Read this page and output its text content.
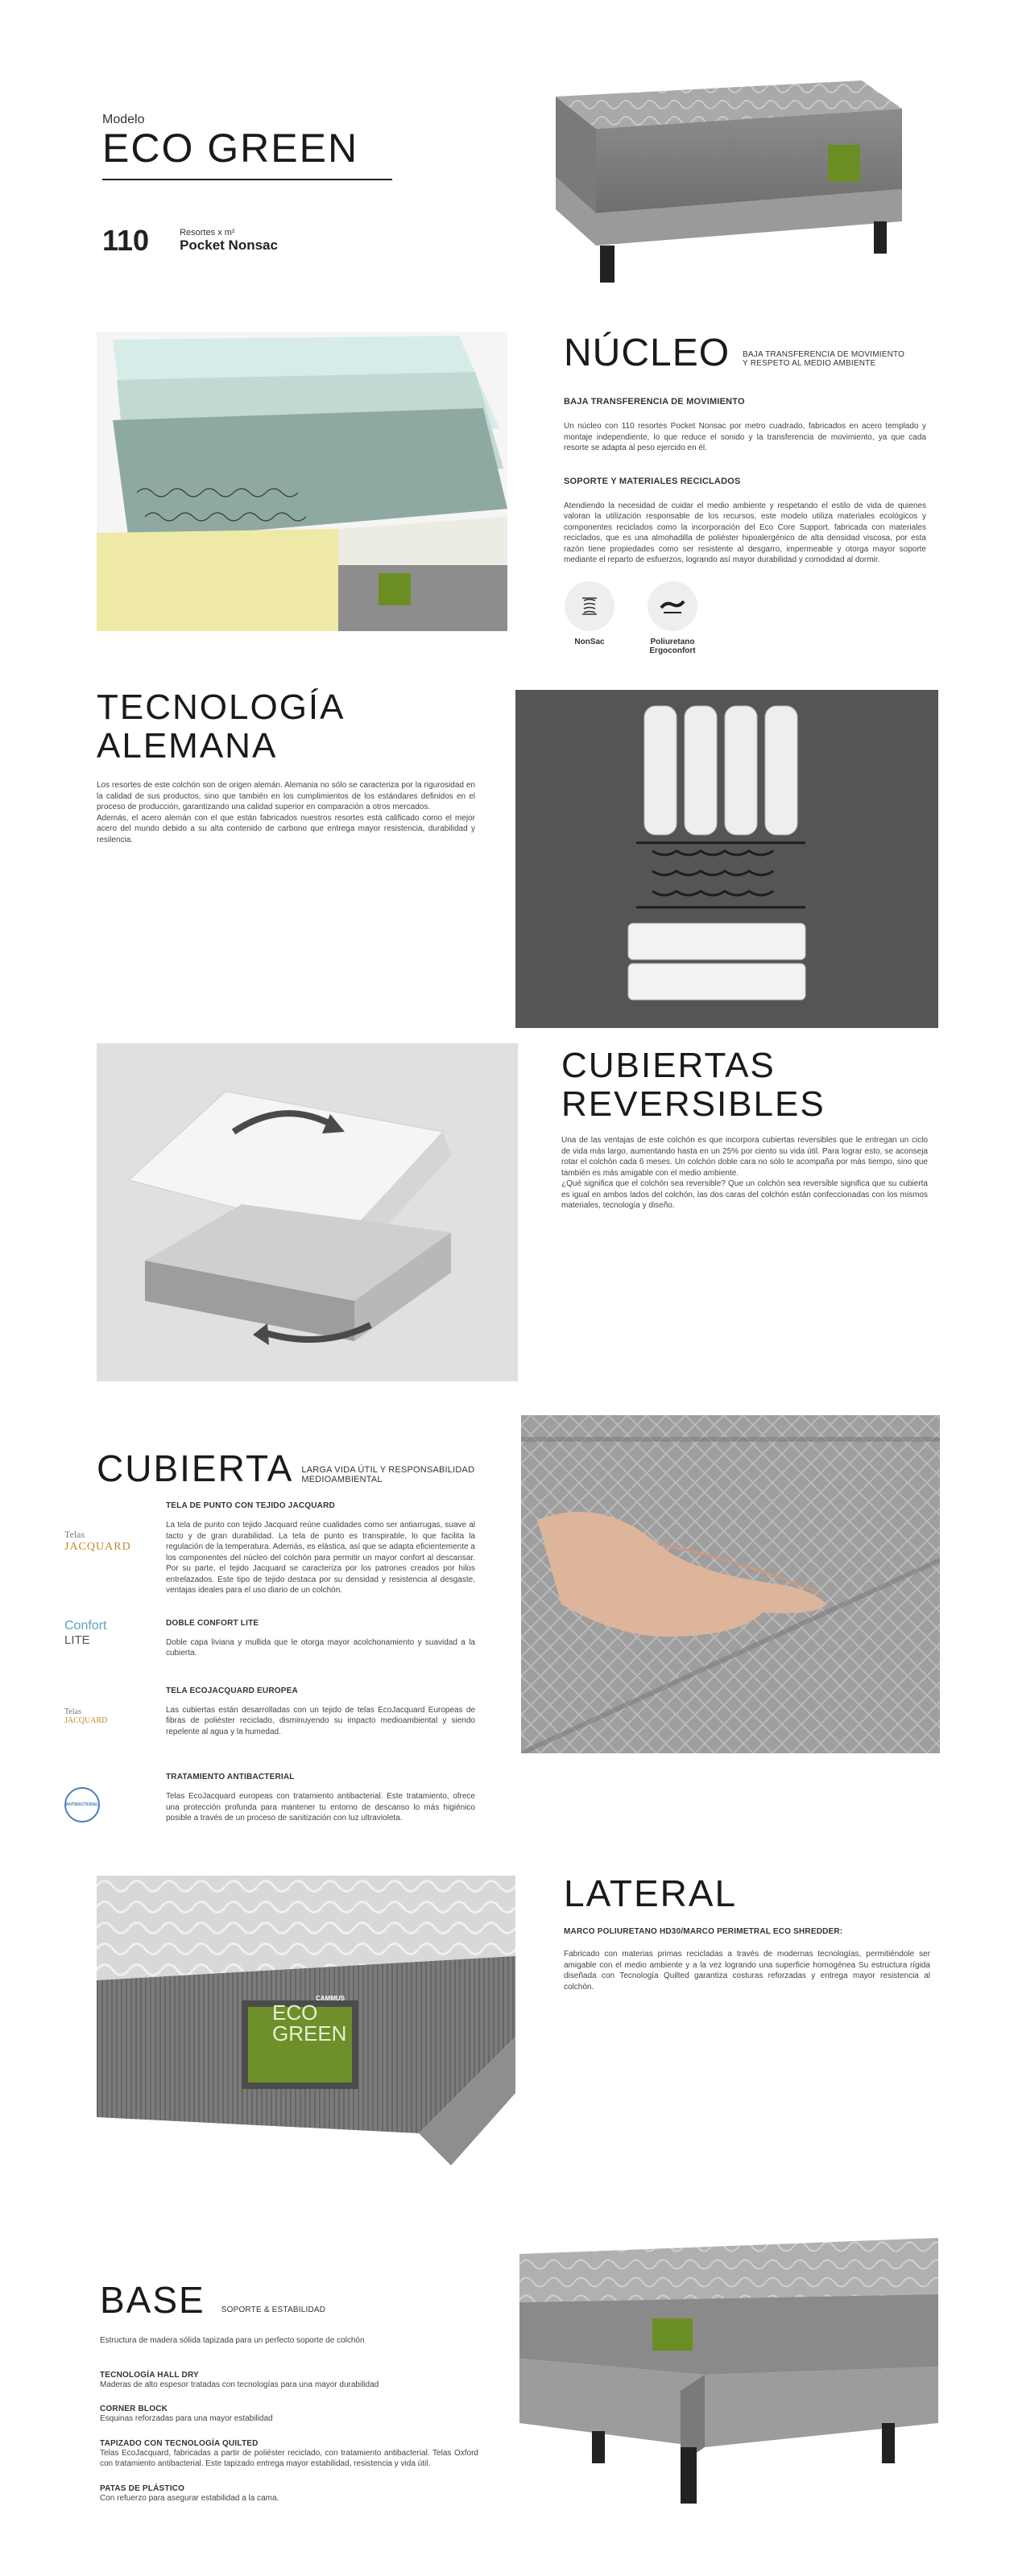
Modelo
ECO GREEN
110	Resortes x m²
Pocket Nonsac
NÚCLEO BAJA TRANSFERENCIA DE MOVIMIENTO
Y RESPETO AL MEDIO AMBIENTE
BAJA TRANSFERENCIA DE MOVIMIENTO

Un núcleo con 110 resortes Pocket Nonsac por metro cuadrado, fabricados en acero templado y montaje independiente, lo que reduce el sonido y la transferencia de movimiento, ya que cada resorte se adapta al peso ejercido en él.

SOPORTE Y MATERIALES RECICLADOS

Atendiendo la necesidad de cuidar el medio ambiente y respetando el estilo de vida de quienes valoran la utilización responsable de los recursos, este modelo utiliza materiales ecológicos y componentes reciclados como la incorporación del Eco Core Support, fabricada con materiales reciclados, que es una almohadilla de poliéster hipoalergénico de alta densidad viscosa, por esta razón tiene propiedades como ser resistente al desgarro, impermeable y otorga mayor soporte mediante el reparto de esfuerzos, logrando así mayor durabilidad y comodidad al dormir.

NonSac	Poliuretano
Ergoconfort
TECNOLOGÍA
ALEMANA

Los resortes de este colchón son de origen alemán. Alemania no sólo se caracteriza por la rigurosidad en la calidad de sus productos, sino que también en los cumplimientos de los estándares definidos en el proceso de producción, garantizando una calidad superior en comparación a otros mercados.

Además, el acero alemán con el que están fabricados nuestros resortes está calificado como el mejor acero del mundo debido a su alta contenido de carbono que entrega mayor resistencia, durabilidad y resilencia.

CUBIERTAS
REVERSIBLES

Una de las ventajas de este colchón es que incorpora cubiertas reversibles que le entregan un ciclo de vida más largo, aumentando hasta en un 25% por ciento su vida útil. Para lograr esto, se aconseja rotar el colchón cada 6 meses. Un colchón doble cara no sólo te acompaña por más tiempo, sino que también es más amigable con el medio ambiente.

¿Qué significa que el colchón sea reversible? Que un colchón sea reversible significa que su cubierta es igual en ambos lados del colchón, las dos caras del colchón están confeccionadas con los mismos materiales, tecnología y diseño.

CUBIERTA LARGA VIDA ÚTIL Y RESPONSABILIDAD
MEDIOAMBIENTAL
Telas
JACQUARD
TELA DE PUNTO CON TEJIDO JACQUARD

La tela de punto con tejido Jacquard reúne cualidades como ser antiarrugas, suave al tacto y de gran durabilidad. La tela de punto es transpirable, lo que facilita la regulación de la temperatura. Además, es elástica, así que se adapta eficientemente a los componentes del núcleo del colchón para permitir un mayor confort al descansar. Por su parte, el tejido Jacquard se caracteriza por los patrones creados por hilos entrelazados. Este tipo de tejido destaca por su densidad y resistencia al desgaste, ventajas ideales para el uso diario de un colchón.

Confort
LITE
DOBLE CONFORT LITE

Doble capa liviana y mullida que le otorga mayor acolchonamiento y suavidad a la cubierta.

Telas
JACQUARD
TELA ECOJACQUARD EUROPEA

Las cubiertas están desarrolladas con un tejido de telas EcoJacquard Europeas de fibras de poliéster reciclado, disminuyendo su impacto medioambiental y siendo repelente al agua y la humedad.

ANTIBACTERIAL
TRATAMIENTO ANTIBACTERIAL

Telas EcoJacquard europeas con tratamiento antibacterial. Este tratamiento, ofrece una protección profunda para mantener tu entorno de descanso lo más higiénico posible a través de un proceso de sanitización con luz ultravioleta.

CAMMUS
ECO
GREEN
LATERAL
MARCO POLIURETANO HD30/MARCO PERIMETRAL ECO SHREDDER:

Fabricado con materias primas recicladas a través de modernas tecnologías, permitiéndole ser amigable con el medio ambiente y a la vez logrando una superficie homogénea Su estructura rígida diseñada con Tecnología Quilted garantiza costuras reforzadas y entrega mayor resistencia al colchón.

BASE SOPORTE & ESTABILIDAD

Estructura de madera sólida tapizada para un perfecto soporte de colchón

TECNOLOGÍA HALL DRY

Maderas de alto espesor tratadas con tecnologías para una mayor durabilidad

CORNER BLOCK

Esquinas reforzadas para una mayor estabilidad

TAPIZADO CON TECNOLOGÍA QUILTED

Telas EcoJacquard, fabricadas a partir de poliéster reciclado, con tratamiento antibacterial. Telas Oxford con tratamiento antibacterial. Este tapizado entrega mayor estabilidad, resistencia y vida útil.

PATAS DE PLÁSTICO

Con refuerzo para asegurar estabilidad a la cama.
